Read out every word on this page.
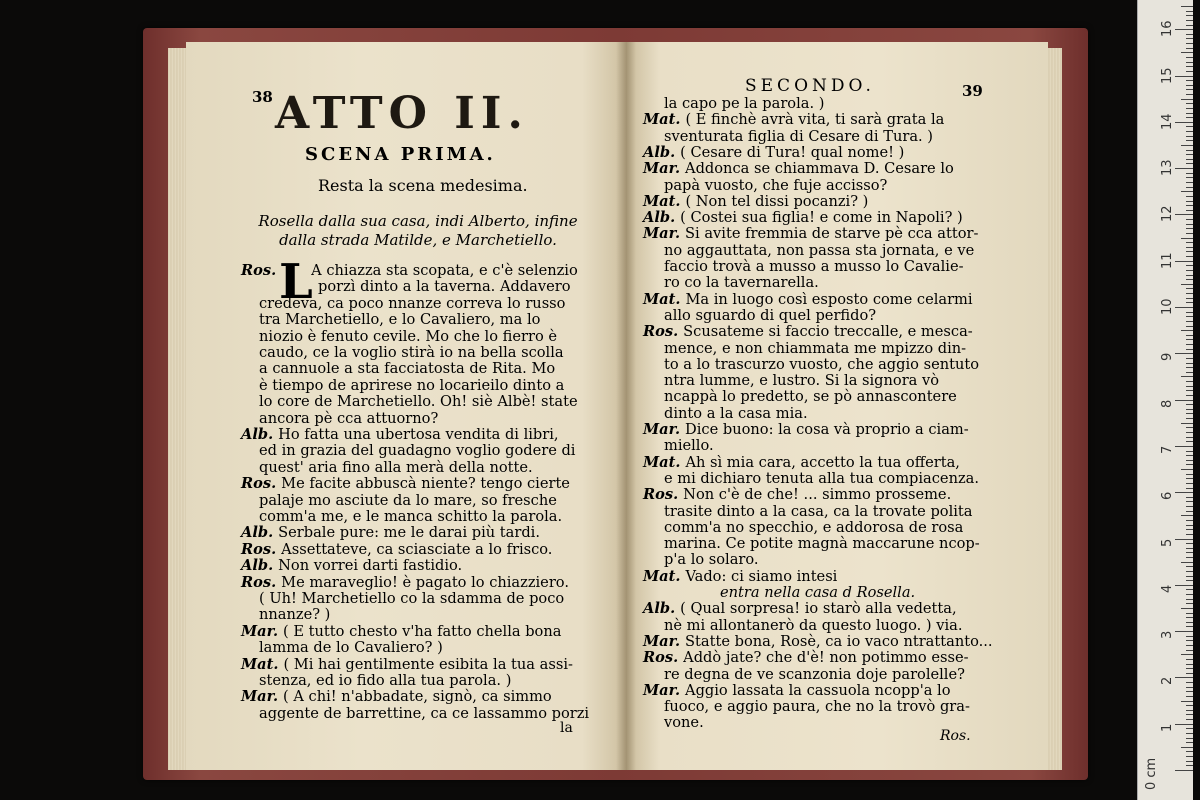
38 ATTO II.
SCENA PRIMA.
Resta la scena medesima.
Rosella dalla sua casa, indi Alberto, infine
dalla strada Matilde, e Marchetiello.
L
Ros. A chiazza sta scopata, e c'è selenzio
porzì dinto a la taverna. Addavero
credeva, ca poco nnanze correva lo russo
tra Marchetiello, e lo Cavaliero, ma lo
niozio è fenuto cevile. Mo che lo fierro è
caudo, ce la voglio stirà io na bella scolla
a cannuole a sta facciatosta de Rita. Mo
è tiempo de aprirese no locarieilo dinto a
lo core de Marchetiello. Oh! siè Albè! state
ancora pè cca attuorno?
Alb. Ho fatta una ubertosa vendita di libri,
ed in grazia del guadagno voglio godere di
quest' aria fino alla merà della notte.
Ros. Me facite abbuscà niente? tengo cierte
palaje mo asciute da lo mare, so fresche
comm'a me, e le manca schitto la parola.
Alb. Serbale pure: me le darai più tardi.
Ros. Assettateve, ca sciasciate a lo frisco.
Alb. Non vorrei darti fastidio.
Ros. Me maraveglio! è pagato lo chiazziero.
( Uh! Marchetiello co la sdamma de poco
nnanze? )
Mar. ( E tutto chesto v'ha fatto chella bona
lamma de lo Cavaliero? )
Mat. ( Mi hai gentilmente esibita la tua assi-
stenza, ed io fido alla tua parola. )
Mar. ( A chi! n'abbadate, signò, ca simmo
aggente de barrettine, ca ce lassammo porzi
la
SECONDO.	39
la capo pe la parola. )
Mat. ( E finchè avrà vita, ti sarà grata la
sventurata figlia di Cesare di Tura. )
Alb. ( Cesare di Tura! qual nome! )
Mar. Addonca se chiammava D. Cesare lo
papà vuosto, che fuje accisso?
Mat. ( Non tel dissi pocanzi? )
Alb. ( Costei sua figlia! e come in Napoli? )
Mar. Si avite fremmia de starve pè cca attor-
no aggauttata, non passa sta jornata, e ve
faccio trovà a musso a musso lo Cavalie-
ro co la tavernarella.
Mat. Ma in luogo così esposto come celarmi
allo sguardo di quel perfido?
Ros. Scusateme si faccio treccalle, e mesca-
mence, e non chiammata me mpizzo din-
to a lo trascurzo vuosto, che aggio sentuto
ntra lumme, e lustro. Si la signora vò
ncappà lo predetto, se pò annascontere
dinto a la casa mia.
Mar. Dice buono: la cosa và proprio a ciam-
miello.
Mat. Ah sì mia cara, accetto la tua offerta,
e mi dichiaro tenuta alla tua compiacenza.
Ros. Non c'è de che! ... simmo prosseme.
trasite dinto a la casa, ca la trovate polita
comm'a no specchio, e addorosa de rosa
marina. Ce potite magnà maccarune ncop-
p'a lo solaro.
Mat. Vado: ci siamo intesi
entra nella casa d Rosella.
Alb. ( Qual sorpresa! io starò alla vedetta,
nè mi allontanerò da questo luogo. ) via.
Mar. Statte bona, Rosè, ca io vaco ntrattanto...
Ros. Addò jate? che d'è! non potimmo esse-
re degna de ve scanzonia doje parolelle?
Mar. Aggio lassata la cassuola ncopp'a lo
fuoco, e aggio paura, che no la trovò gra-
vone.
Ros.
0 cm
1
2
3
4
5
6
7
8
9
10
11
12
13
14
15
16
